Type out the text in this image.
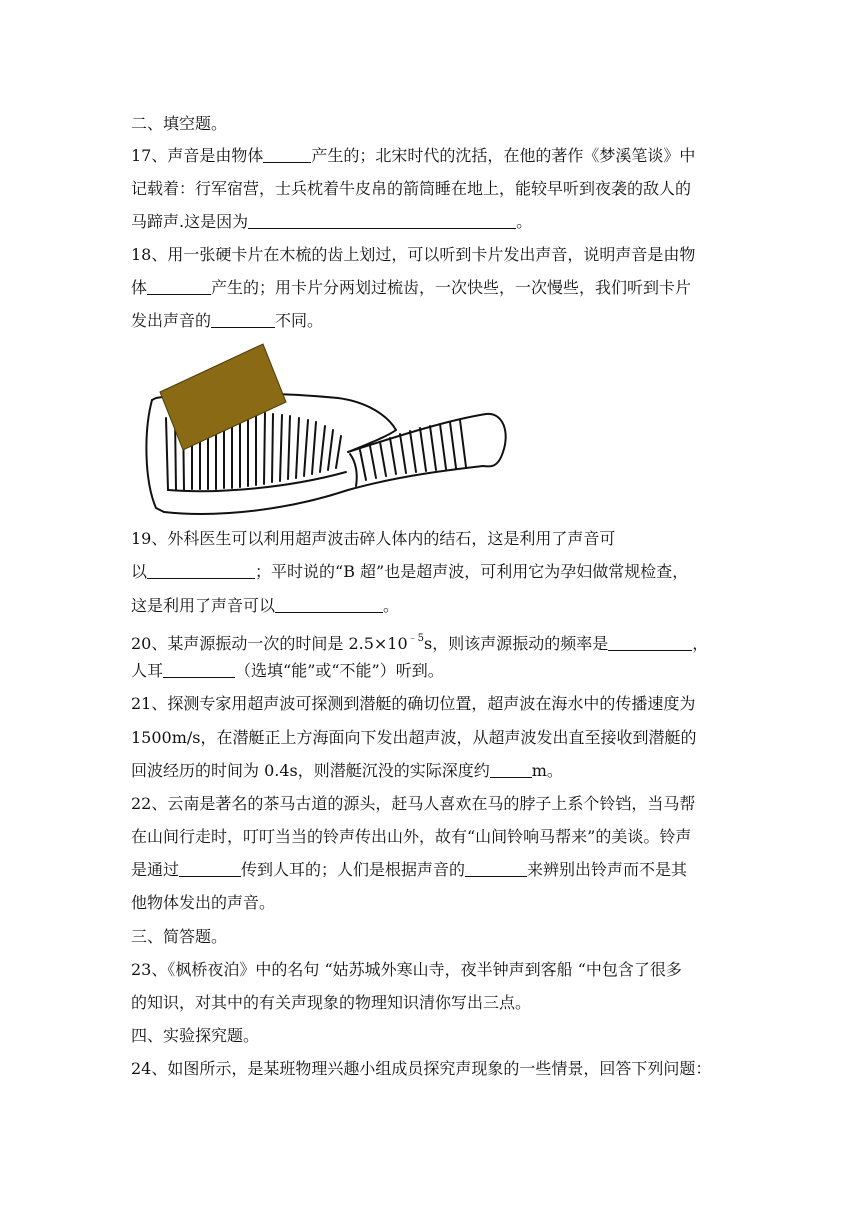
二、填空题。
17、声音是由物体	产生的；北宋时代的沈括，在他的著作《梦溪笔谈》中
记载着：行军宿营，士兵枕着牛皮帛的箭筒睡在地上，能较早听到夜袭的敌人的
马蹄声.这是因为	。
18、用一张硬卡片在木梳的齿上划过，可以听到卡片发出声音，说明声音是由物
体	产生的；用卡片分两划过梳齿，一次快些，一次慢些，我们听到卡片
发出声音的	不同。
19、外科医生可以利用超声波击碎人体内的结石，这是利用了声音可
以	；平时说的“B 超”也是超声波，可利用它为孕妇做常规检查，
这是利用了声音可以	。
20、某声源振动一次的时间是 $2.5\times 10^{﹣5}s$，则该声源振动的频率是	，
人耳	（选填“能”或“不能”）听到。
21、探测专家用超声波可探测到潜艇的确切位置，超声波在海水中的传播速度为
1500m/s，在潜艇正上方海面向下发出超声波，从超声波发出直至接收到潜艇的
回波经历的时间为 0.4s，则潜艇沉没的实际深度约	m。
22、云南是著名的茶马古道的源头，赶马人喜欢在马的脖子上系个铃铛，当马帮
在山间行走时，叮叮当当的铃声传出山外，故有“山间铃响马帮来”的美谈。铃声
是通过	传到人耳的；人们是根据声音的	来辨别出铃声而不是其
他物体发出的声音。
三、简答题。
23、《枫桥夜泊》中的名句 “姑苏城外寒山寺，夜半钟声到客船 “中包含了很多
的知识，对其中的有关声现象的物理知识清你写出三点。
四、实验探究题。
24、如图所示，是某班物理兴趣小组成员探究声现象的一些情景，回答下列问题：
